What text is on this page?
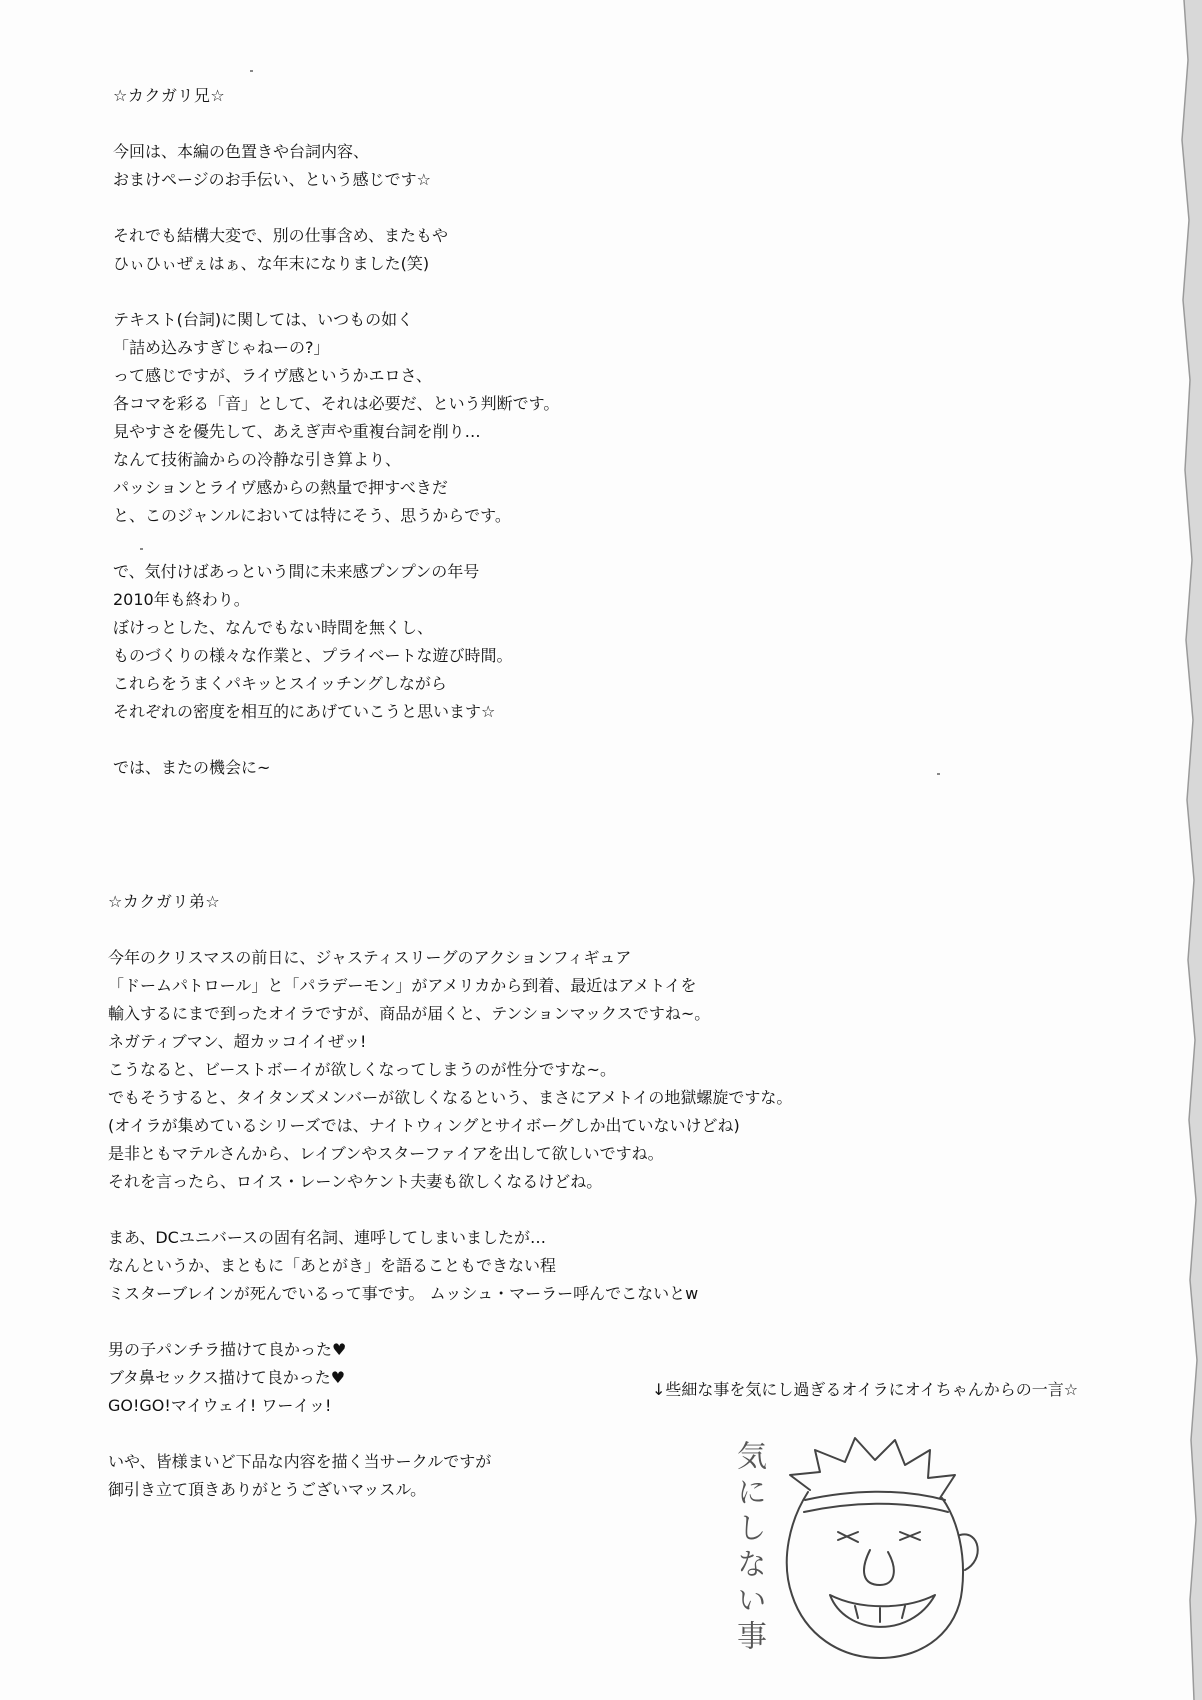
☆カクガリ兄☆
今回は、本編の色置きや台詞内容、
おまけページのお手伝い、という感じです☆
それでも結構大変で、別の仕事含め、またもや
ひぃひぃぜぇはぁ、な年末になりました(笑)
テキスト(台詞)に関しては、いつもの如く
「詰め込みすぎじゃねーの?」
って感じですが、ライヴ感というかエロさ、
各コマを彩る「音」として、それは必要だ、という判断です。
見やすさを優先して、あえぎ声や重複台詞を削り…
なんて技術論からの冷静な引き算より、
パッションとライヴ感からの熱量で押すべきだ
と、このジャンルにおいては特にそう、思うからです。
で、気付けばあっという間に未来感プンプンの年号
2010年も終わり。
ぼけっとした、なんでもない時間を無くし、
ものづくりの様々な作業と、プライベートな遊び時間。
これらをうまくパキッとスイッチングしながら
それぞれの密度を相互的にあげていこうと思います☆
では、またの機会に~
☆カクガリ弟☆
今年のクリスマスの前日に、ジャスティスリーグのアクションフィギュア
「ドームパトロール」と「パラデーモン」がアメリカから到着、最近はアメトイを
輸入するにまで到ったオイラですが、商品が届くと、テンションマックスですね~。
ネガティブマン、超カッコイイぜッ!
こうなると、ビーストボーイが欲しくなってしまうのが性分ですな~。
でもそうすると、タイタンズメンバーが欲しくなるという、まさにアメトイの地獄螺旋ですな。
(オイラが集めているシリーズでは、ナイトウィングとサイボーグしか出ていないけどね)
是非ともマテルさんから、レイブンやスターファイアを出して欲しいですね。
それを言ったら、ロイス・レーンやケント夫妻も欲しくなるけどね。
まあ、DCユニバースの固有名詞、連呼してしまいましたが…
なんというか、まともに「あとがき」を語ることもできない程
ミスターブレインが死んでいるって事です。 ムッシュ・マーラー呼んでこないとw
男の子パンチラ描けて良かった♥
ブタ鼻セックス描けて良かった♥
GO!GO!マイウェイ! ワーイッ!
いや、皆様まいど下品な内容を描く当サークルですが
御引き立て頂きありがとうございマッスル。
↓些細な事を気にし過ぎるオイラにオイちゃんからの一言☆
気にしない事
